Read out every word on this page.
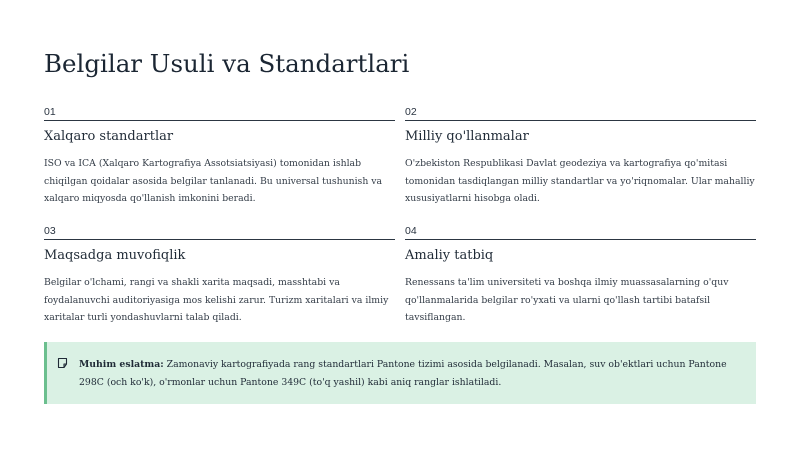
Belgilar Usuli va Standartlari
01
Xalqaro standartlar
ISO va ICA (Xalqaro Kartografiya Assotsiatsiyasi) tomonidan ishlab chiqilgan qoidalar asosida belgilar tanlanadi. Bu universal tushunish va xalqaro miqyosda qo'llanish imkonini beradi.
02
Milliy qo'llanmalar
O'zbekiston Respublikasi Davlat geodeziya va kartografiya qo'mitasi tomonidan tasdiqlangan milliy standartlar va yo'riqnomalar. Ular mahalliy xususiyatlarni hisobga oladi.
03
Maqsadga muvofiqlik
Belgilar o'lchami, rangi va shakli xarita maqsadi, masshtabi va foydalanuvchi auditoriyasiga mos kelishi zarur. Turizm xaritalari va ilmiy xaritalar turli yondashuvlarni talab qiladi.
04
Amaliy tatbiq
Renessans ta'lim universiteti va boshqa ilmiy muassasalarning o'quv qo'llanmalarida belgilar ro'yxati va ularni qo'llash tartibi batafsil tavsiflangan.
Muhim eslatma: Zamonaviy kartografiyada rang standartlari Pantone tizimi asosida belgilanadi. Masalan, suv ob'ektlari uchun Pantone 298C (och ko'k), o'rmonlar uchun Pantone 349C (to'q yashil) kabi aniq ranglar ishlatiladi.
